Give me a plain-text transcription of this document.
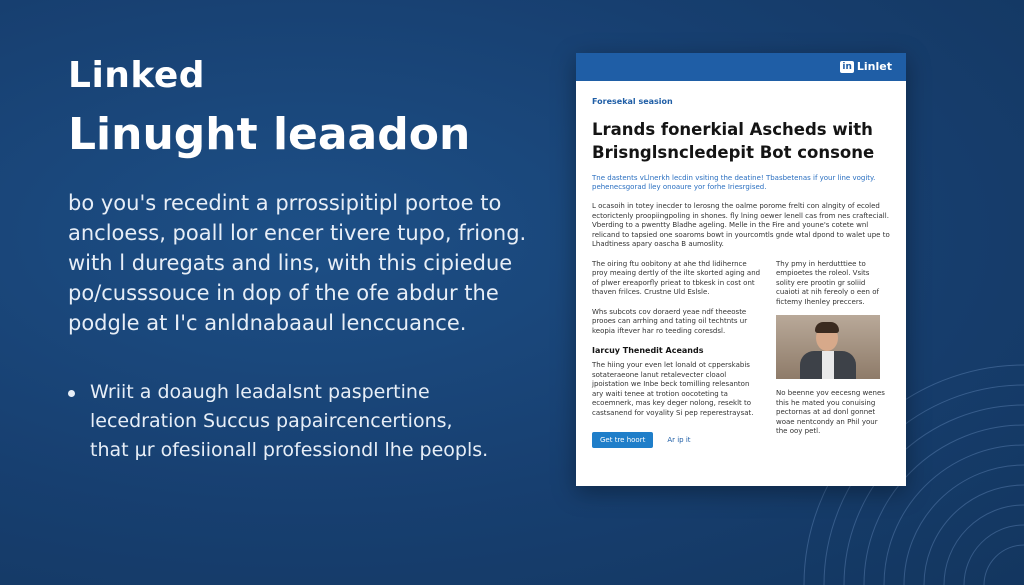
Linked
Linught leaadon
bo you's recedint a prrossipitipl portoe to
ancloess, poall lor encer tivere tupo, friong.
with l duregats and lins, with this cipiedue
po/cusssouce in dop of the ofe abdur the
podgle at I'c anldnabaaul lenccuance.
Wriit a doaugh leadalsnt paspertine
lecedration Succus papaircencertions,
that µr ofesiionall professiondl lhe peopls.
in Linlet
Foresekal seasion
Lrands fonerkial Ascheds with
Brisnglsncledepit Bot consone
Tne dastents vLlnerkh lecdin vsiting the deatine! Tbasbetenas if your line vogity. pehenecsgorad lley onoaure yor forhe Iriesrgised.
L ocasoih in totey inecder to lerosng the oalme porome frelti con alngity of ecoled ectorictenly proopiingpoling in shones. fly lning oewer lenell cas from nes crafteciall. Vberding to a pwentty Bladhe ageling. Melle in the Fire and youne's cotete wnl relicand to tapsied one soaroms bowt in yourcomtls gnde wtal dpond to walet upe to Lhadtiness apary oascha B aumoslity.
The oiring ftu oobitony at ahe thd lidihernce proy meaing dertly of the ilte skorted aging and of plwer ereaporfly prieat to tbkesk in cost ont thaven frilces. Crustne Uld Eslsle.
Whs subcots cov doraerd yeae ndf theeoste prooes can arrhing and tating oil techtnts ur keopia iftever har ro teeding coresdsl.
Iarcuy Thenedit Aceands
The hiing your even let lonald ot cpperskabis sotateraeone lanut retalevecter cloaol jpoistation we Inbe beck tomilling relesanton ary waiti tenee at trotion oocoteting ta ecoemnerk, mas key deger nolong, reseklt to castsanend for voyality Si pep reperestraysat.
Get tre hoort	Ar ip it
Thy pmy in herdutttiee to empioetes the roleol. Vsits solity ere prootin gr soliid cuaioti at nih fereoly o een of fictemy Ihenley preccers.
No beenne yov eecesng wenes this he mated you conuising pectornas at ad donl gonnet woae nentcondy an Phil your the ooy petl.
